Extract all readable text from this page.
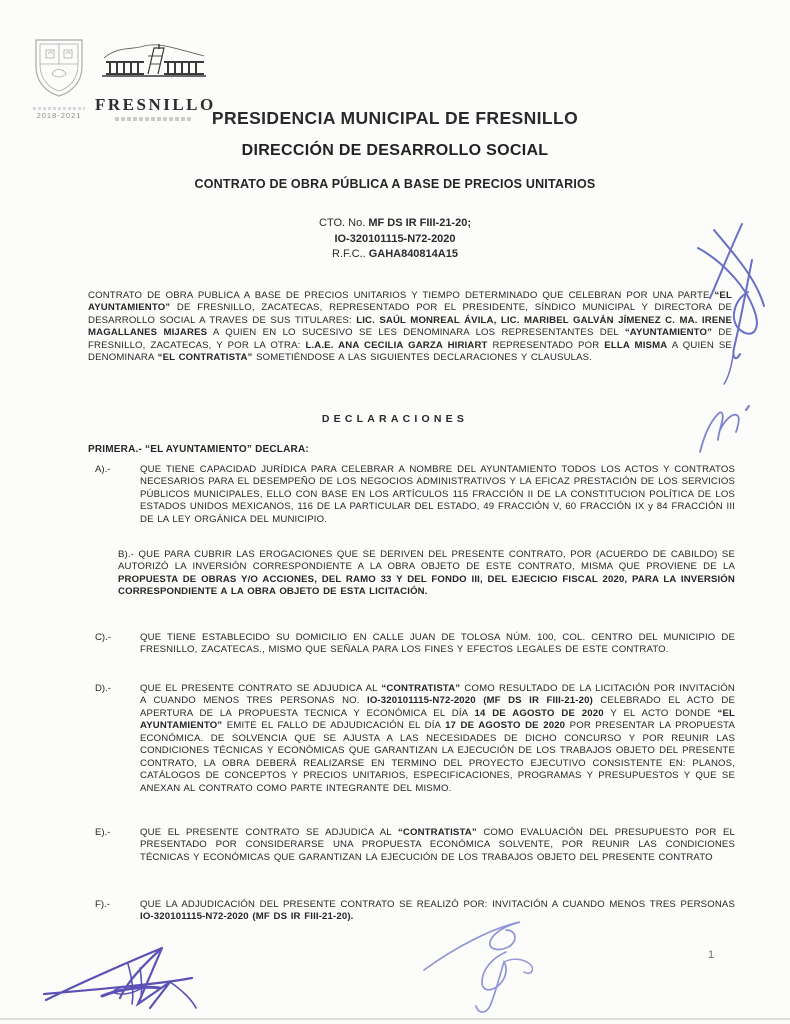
2018-2021
FRESNILLO
PRESIDENCIA MUNICIPAL DE FRESNILLO
DIRECCIÓN DE DESARROLLO SOCIAL
CONTRATO DE OBRA PÚBLICA A BASE DE PRECIOS UNITARIOS
CTO. No. MF DS IR FIII-21-20;
IO-320101115-N72-2020
R.F.C.. GAHA840814A15
CONTRATO DE OBRA PUBLICA A BASE DE PRECIOS UNITARIOS Y TIEMPO DETERMINADO QUE CELEBRAN POR UNA PARTE “EL AYUNTAMIENTO” DE FRESNILLO, ZACATECAS, REPRESENTADO POR EL PRESIDENTE, SÍNDICO MUNICIPAL Y DIRECTORA DE DESARROLLO SOCIAL A TRAVES DE SUS TITULARES: LIC. SAÚL MONREAL ÁVILA, LIC. MARIBEL GALVÁN JÍMENEZ C. MA. IRENE MAGALLANES MIJARES A QUIEN EN LO SUCESIVO SE LES DENOMINARA LOS REPRESENTANTES DEL “AYUNTAMIENTO” DE FRESNILLO, ZACATECAS, Y POR LA OTRA: L.A.E. ANA CECILIA GARZA HIRIART REPRESENTADO POR ELLA MISMA A QUIEN SE DENOMINARA “EL CONTRATISTA” SOMETIÉNDOSE A LAS SIGUIENTES DECLARACIONES Y CLAUSULAS.
DECLARACIONES
PRIMERA.- “EL AYUNTAMIENTO” DECLARA:
A).-	QUE TIENE CAPACIDAD JURÍDICA PARA CELEBRAR A NOMBRE DEL AYUNTAMIENTO TODOS LOS ACTOS Y CONTRATOS NECESARIOS PARA EL DESEMPEÑO DE LOS NEGOCIOS ADMINISTRATIVOS Y LA EFICAZ PRESTACIÓN DE LOS SERVICIOS PÚBLICOS MUNICIPALES, ELLO CON BASE EN LOS ARTÍCULOS 115 FRACCIÓN II DE LA CONSTITUCION POLÍTICA DE LOS ESTADOS UNIDOS MEXICANOS, 116 DE LA PARTICULAR DEL ESTADO, 49 FRACCIÓN V, 60 FRACCIÓN IX y 84 FRACCIÓN III DE LA LEY ORGÁNICA DEL MUNICIPIO.
B).- QUE PARA CUBRIR LAS EROGACIONES QUE SE DERIVEN DEL PRESENTE CONTRATO, POR (ACUERDO DE CABILDO) SE AUTORIZÓ LA INVERSIÓN CORRESPONDIENTE A LA OBRA OBJETO DE ESTE CONTRATO, MISMA QUE PROVIENE DE LA PROPUESTA DE OBRAS Y/O ACCIONES, DEL RAMO 33 Y DEL FONDO III, DEL EJECICIO FISCAL 2020, PARA LA INVERSIÓN CORRESPONDIENTE A LA OBRA OBJETO DE ESTA LICITACIÓN.
C).-	QUE TIENE ESTABLECIDO SU DOMICILIO EN CALLE JUAN DE TOLOSA NÚM. 100, COL. CENTRO DEL MUNICIPIO DE FRESNILLO, ZACATECAS., MISMO QUE SEÑALA PARA LOS FINES Y EFECTOS LEGALES DE ESTE CONTRATO.
D).-	QUE EL PRESENTE CONTRATO SE ADJUDICA AL “CONTRATISTA” COMO RESULTADO DE LA LICITACIÓN POR INVITACIÓN A CUANDO MENOS TRES PERSONAS NO. IO-320101115-N72-2020 (MF DS IR FIII-21-20) CELEBRADO EL ACTO DE APERTURA DE LA PROPUESTA TECNICA Y ECONÓMICA EL DÍA 14 DE AGOSTO DE 2020 Y EL ACTO DONDE “EL AYUNTAMIENTO” EMITE EL FALLO DE ADJUDICACIÓN EL DÍA 17 DE AGOSTO DE 2020 POR PRESENTAR LA PROPUESTA ECONÓMICA. DE SOLVENCIA QUE SE AJUSTA A LAS NECESIDADES DE DICHO CONCURSO Y POR REUNIR LAS CONDICIONES TÉCNICAS Y ECONÓMICAS QUE GARANTIZAN LA EJECUCIÓN DE LOS TRABAJOS OBJETO DEL PRESENTE CONTRATO, LA OBRA DEBERÁ REALIZARSE EN TERMINO DEL PROYECTO EJECUTIVO CONSISTENTE EN: PLANOS, CATÁLOGOS DE CONCEPTOS Y PRECIOS UNITARIOS, ESPECIFICACIONES, PROGRAMAS Y PRESUPUESTOS Y QUE SE ANEXAN AL CONTRATO COMO PARTE INTEGRANTE DEL MISMO.
E).-	QUE EL PRESENTE CONTRATO SE ADJUDICA AL “CONTRATISTA” COMO EVALUACIÓN DEL PRESUPUESTO POR EL PRESENTADO POR CONSIDERARSE UNA PROPUESTA ECONÓMICA SOLVENTE, POR REUNIR LAS CONDICIONES TÉCNICAS Y ECONÓMICAS QUE GARANTIZAN LA EJECUCIÓN DE LOS TRABAJOS OBJETO DEL PRESENTE CONTRATO
F).-	QUE LA ADJUDICACIÓN DEL PRESENTE CONTRATO SE REALIZÓ POR: INVITACIÓN A CUANDO MENOS TRES PERSONAS IO-320101115-N72-2020 (MF DS IR FIII-21-20).
1
